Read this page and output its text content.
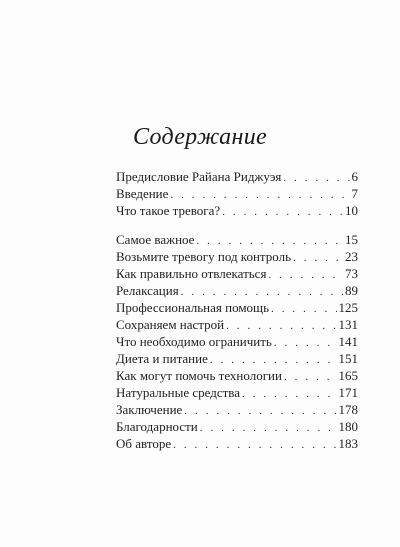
Содержание
Предисловие Райана Риджуэя . . .	6
Введение . . .	7
Что такое тревога? . . .	10
Самое важное . . .	15
Возьмите тревогу под контроль . . .	23
Как правильно отвлекаться . . .	73
Релаксация . . .	89
Профессиональная помощь . . .	125
Сохраняем настрой . . .	131
Что необходимо ограничить . . .	141
Диета и питание . . .	151
Как могут помочь технологии . . .	165
Натуральные средства . . .	171
Заключение . . .	178
Благодарности . . .	180
Об авторе . . .	183
